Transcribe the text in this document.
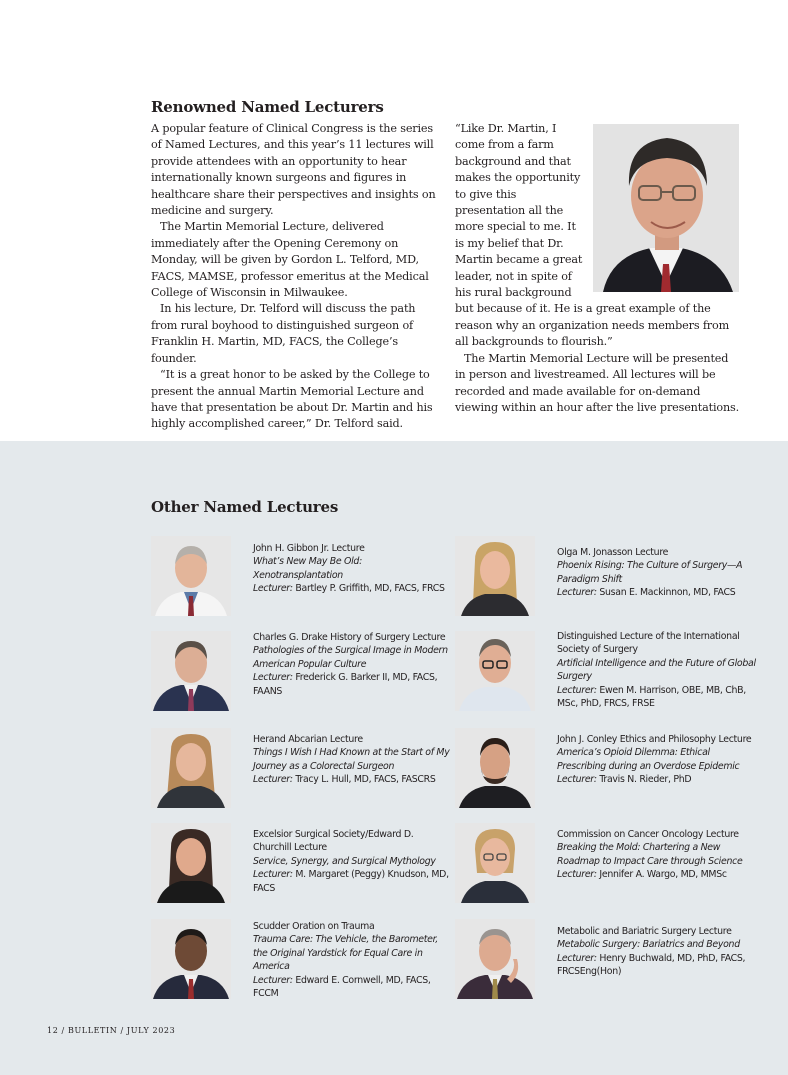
Renowned Named Lecturers

A popular feature of Clinical Congress is the series of Named Lectures, and this year’s 11 lectures will provide attendees with an opportunity to hear internationally known surgeons and figures in healthcare share their perspectives and insights on medicine and surgery.

The Martin Memorial Lecture, delivered immediately after the Opening Ceremony on Monday, will be given by Gordon L. Telford, MD, FACS, MAMSE, professor emeritus at the Medical College of Wisconsin in Milwaukee.

In his lecture, Dr. Telford will discuss the path from rural boyhood to distinguished surgeon of Franklin H. Martin, MD, FACS, the College’s founder.

“It is a great honor to be asked by the College to present the annual Martin Memorial Lecture and have that presentation be about Dr. Martin and his highly accomplished career,” Dr. Telford said.

“Like Dr. Martin, I come from a farm background and that makes the opportunity to give this presentation all the more special to me. It is my belief that Dr. Martin became a great leader, not in spite of his rural background but because of it. He is a great example of the reason why an organization needs members from all backgrounds to flourish.”

The Martin Memorial Lecture will be presented in person and livestreamed. All lectures will be recorded and made available for on-demand viewing within an hour after the live presentations.

Other Named Lectures
John H. Gibbon Jr. Lecture
What’s New May Be Old: Xenotransplantation
Lecturer: Bartley P. Griffith, MD, FACS, FRCS
Charles G. Drake History of Surgery Lecture
Pathologies of the Surgical Image in Modern American Popular Culture
Lecturer: Frederick G. Barker II, MD, FACS, FAANS
Herand Abcarian Lecture
Things I Wish I Had Known at the Start of My Journey as a Colorectal Surgeon
Lecturer: Tracy L. Hull, MD, FACS, FASCRS
Excelsior Surgical Society/Edward D. Churchill Lecture
Service, Synergy, and Surgical Mythology
Lecturer: M. Margaret (Peggy) Knudson, MD, FACS
Scudder Oration on Trauma
Trauma Care: The Vehicle, the Barometer, the Original Yardstick for Equal Care in America
Lecturer: Edward E. Cornwell, MD, FACS, FCCM
Olga M. Jonasson Lecture
Phoenix Rising: The Culture of Surgery—A Paradigm Shift
Lecturer: Susan E. Mackinnon, MD, FACS
Distinguished Lecture of the International Society of Surgery
Artificial Intelligence and the Future of Global Surgery
Lecturer: Ewen M. Harrison, OBE, MB, ChB, MSc, PhD, FRCS, FRSE
John J. Conley Ethics and Philosophy Lecture
America’s Opioid Dilemma: Ethical Prescribing during an Overdose Epidemic
Lecturer: Travis N. Rieder, PhD
Commission on Cancer Oncology Lecture
Breaking the Mold: Chartering a New Roadmap to Impact Care through Science
Lecturer: Jennifer A. Wargo, MD, MMSc
Metabolic and Bariatric Surgery Lecture
Metabolic Surgery: Bariatrics and Beyond
Lecturer: Henry Buchwald, MD, PhD, FACS, FRCSEng(Hon)
12 / BULLETIN / JULY 2023
